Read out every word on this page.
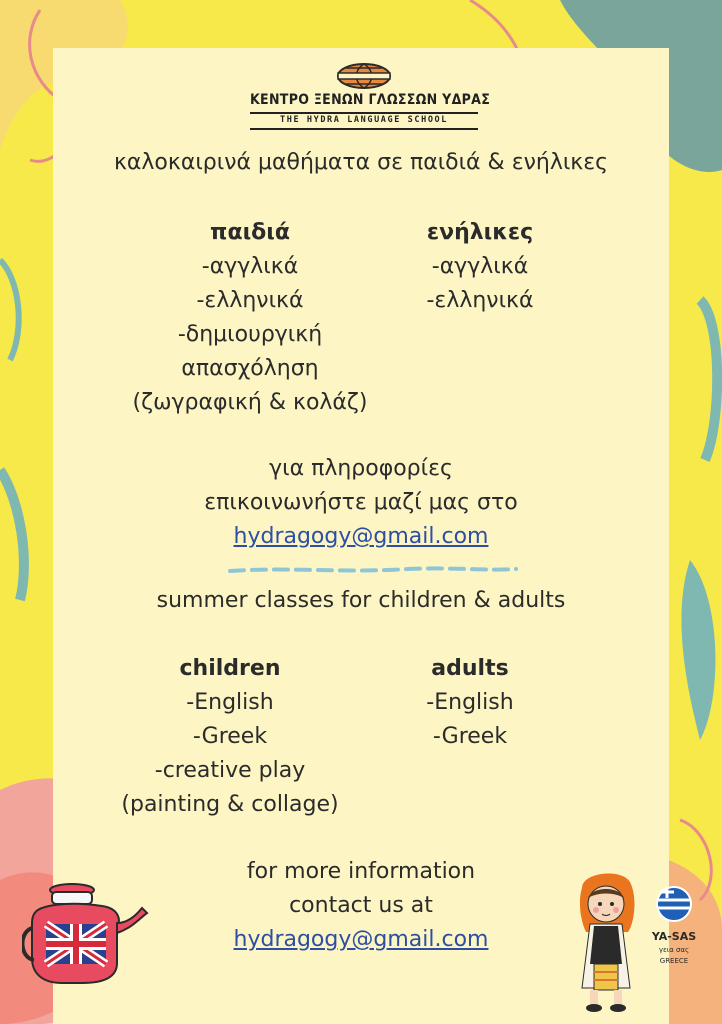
ΚΕΝΤΡΟ ΞΕΝΩΝ ΓΛΩΣΣΩΝ ΥΔΡΑΣ
THE HYDRA LANGUAGE SCHOOL
καλοκαιρινά μαθήματα σε παιδιά & ενήλικες
παιδιά
-αγγλικά
-ελληνικά
-δημιουργική
απασχόληση
(ζωγραφική & κολάζ)
ενήλικες
-αγγλικά
-ελληνικά
για πληροφορίες
επικοινωνήστε μαζί μας στο
hydragogy@gmail.com
summer classes for children & adults
children
-English
-Greek
-creative play
(painting & collage)
adults
-English
-Greek
for more information
contact us at
hydragogy@gmail.com	YA-SAS
γεια σας
GREECE
